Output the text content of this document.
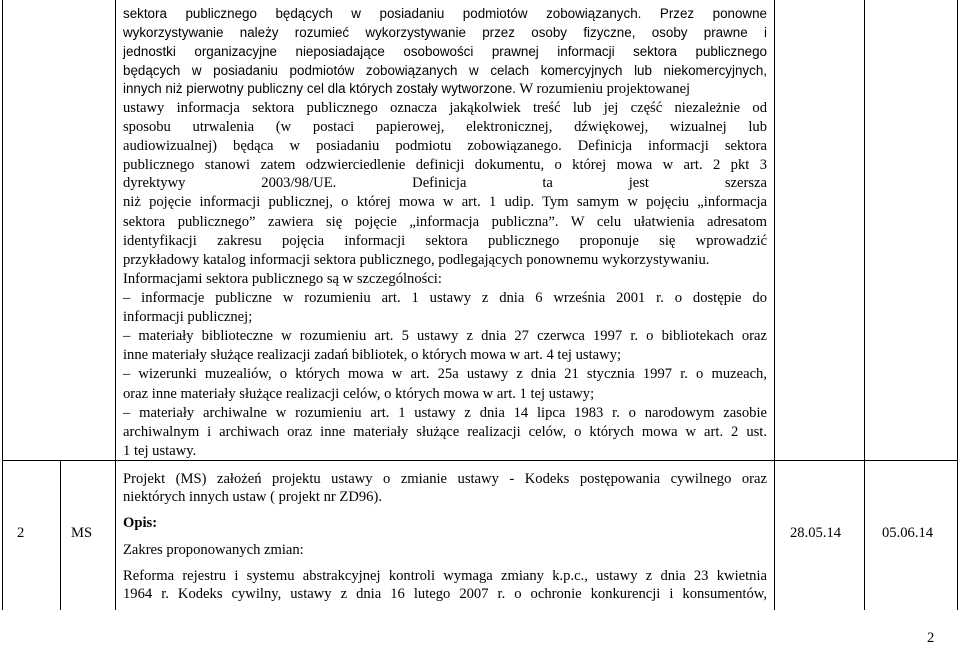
sektora publicznego będących w posiadaniu podmiotów zobowiązanych. Przez ponowne
wykorzystywanie należy rozumieć wykorzystywanie przez osoby fizyczne, osoby prawne i
jednostki organizacyjne nieposiadające osobowości prawnej informacji sektora publicznego
będących w posiadaniu podmiotów zobowiązanych w celach komercyjnych lub niekomercyjnych,
innych niż pierwotny publiczny cel dla których zostały wytworzone. W rozumieniu projektowanej
ustawy informacja sektora publicznego oznacza jakąkolwiek treść lub jej część niezależnie od
sposobu utrwalenia (w postaci papierowej, elektronicznej, dźwiękowej, wizualnej lub
audiowizualnej) będąca w posiadaniu podmiotu zobowiązanego. Definicja informacji sektora
publicznego stanowi zatem odzwierciedlenie definicji dokumentu, o której mowa w art. 2 pkt 3
dyrektywy 2003/98/UE. Definicja ta jest szersza
niż pojęcie informacji publicznej, o której mowa w art. 1 udip. Tym samym w pojęciu „informacja
sektora publicznego” zawiera się pojęcie „informacja publiczna”. W celu ułatwienia adresatom
identyfikacji zakresu pojęcia informacji sektora publicznego proponuje się wprowadzić
przykładowy katalog informacji sektora publicznego, podlegających ponownemu wykorzystywaniu.
Informacjami sektora publicznego są w szczególności:
– informacje publiczne w rozumieniu art. 1 ustawy z dnia 6 września 2001 r. o dostępie do
informacji publicznej;
– materiały biblioteczne w rozumieniu art. 5 ustawy z dnia 27 czerwca 1997 r. o bibliotekach oraz
inne materiały służące realizacji zadań bibliotek, o których mowa w art. 4 tej ustawy;
– wizerunki muzealiów, o których mowa w art. 25a ustawy z dnia 21 stycznia 1997 r. o muzeach,
oraz inne materiały służące realizacji celów, o których mowa w art. 1 tej ustawy;
– materiały archiwalne w rozumieniu art. 1 ustawy z dnia 14 lipca 1983 r. o narodowym zasobie
archiwalnym i archiwach oraz inne materiały służące realizacji celów, o których mowa w art. 2 ust.
1 tej ustawy.
2	MS
Projekt (MS) założeń projektu ustawy o zmianie ustawy - Kodeks postępowania cywilnego oraz
niektórych innych ustaw ( projekt nr ZD96).
Opis:
Zakres proponowanych zmian:
Reforma rejestru i systemu abstrakcyjnej kontroli wymaga zmiany k.p.c., ustawy z dnia 23 kwietnia
1964 r. Kodeks cywilny, ustawy z dnia 16 lutego 2007 r. o ochronie konkurencji i konsumentów,
28.05.14	05.06.14
2
